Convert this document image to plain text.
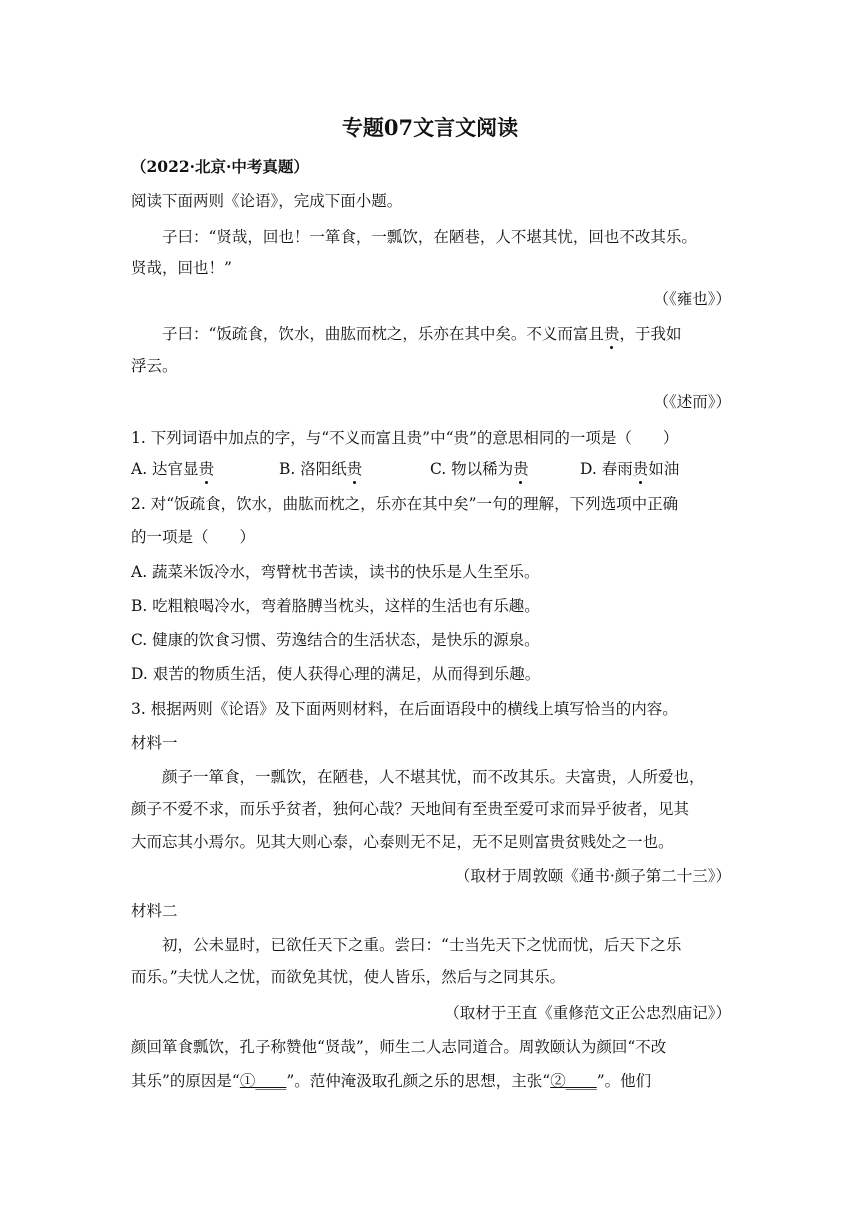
专题07文言文阅读
（2022·北京·中考真题）
阅读下面两则《论语》，完成下面小题。
子曰：“贤哉，回也！一箪食，一瓢饮，在陋巷，人不堪其忧，回也不改其乐。
贤哉，回也！”
（《雍也》）
子曰：“饭疏食，饮水，曲肱而枕之，乐亦在其中矣。不义而富且贵，于我如
浮云。
（《述而》）
1. 下列词语中加点的字，与“不义而富且贵”中“贵”的意思相同的一项是（　　）
A. 达官显贵	B. 洛阳纸贵	C. 物以稀为贵	D. 春雨贵如油
2. 对“饭疏食，饮水，曲肱而枕之，乐亦在其中矣”一句的理解，下列选项中正确
的一项是（　　）
A. 蔬菜米饭冷水，弯臂枕书苦读，读书的快乐是人生至乐。
B. 吃粗粮喝冷水，弯着胳膊当枕头，这样的生活也有乐趣。
C. 健康的饮食习惯、劳逸结合的生活状态，是快乐的源泉。
D. 艰苦的物质生活，使人获得心理的满足，从而得到乐趣。
3. 根据两则《论语》及下面两则材料，在后面语段中的横线上填写恰当的内容。
材料一
颜子一箪食，一瓢饮，在陋巷，人不堪其忧，而不改其乐。夫富贵，人所爱也，
颜子不爱不求，而乐乎贫者，独何心哉？天地间有至贵至爱可求而异乎彼者，见其
大而忘其小焉尔。见其大则心泰，心泰则无不足，无不足则富贵贫贱处之一也。
（取材于周敦颐《通书·颜子第二十三》）
材料二
初，公未显时，已欲任天下之重。尝曰：“士当先天下之忧而忧，后天下之乐
而乐。”夫忧人之忧，而欲免其忧，使人皆乐，然后与之同其乐。
（取材于王直《重修范文正公忠烈庙记》）
颜回箪食瓢饮，孔子称赞他“贤哉”，师生二人志同道合。周敦颐认为颜回“不改
其乐”的原因是“①____”。范仲淹汲取孔颜之乐的思想，主张“②____”。他们
